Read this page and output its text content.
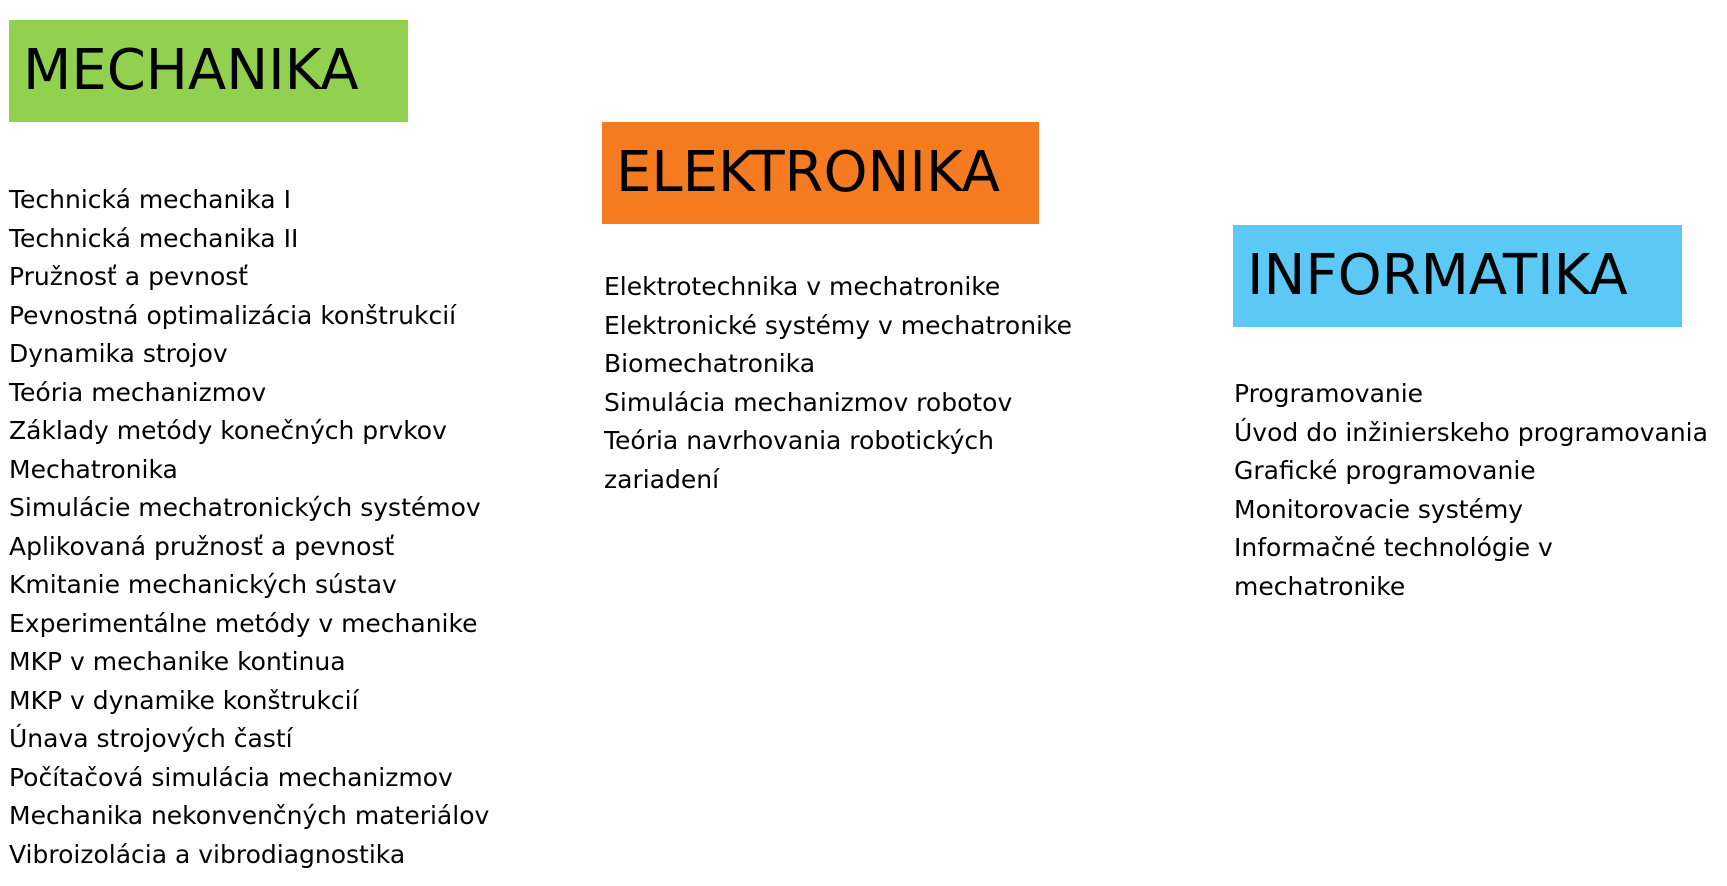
MECHANIKA
Technická mechanika I
Technická mechanika II
Pružnosť a pevnosť
Pevnostná optimalizácia konštrukcií
Dynamika strojov
Teória mechanizmov
Základy metódy konečných prvkov
Mechatronika
Simulácie mechatronických systémov
Aplikovaná pružnosť a pevnosť
Kmitanie mechanických sústav
Experimentálne metódy v mechanike
MKP v mechanike kontinua
MKP v dynamike konštrukcií
Únava strojových častí
Počítačová simulácia mechanizmov
Mechanika nekonvenčných materiálov
Vibroizolácia a vibrodiagnostika
ELEKTRONIKA
Elektrotechnika v mechatronike
Elektronické systémy v mechatronike
Biomechatronika
Simulácia mechanizmov robotov
Teória navrhovania robotických zariadení
INFORMATIKA
Programovanie
Úvod do inžinierskeho programovania
Grafické programovanie
Monitorovacie systémy
Informačné technológie v mechatronike
